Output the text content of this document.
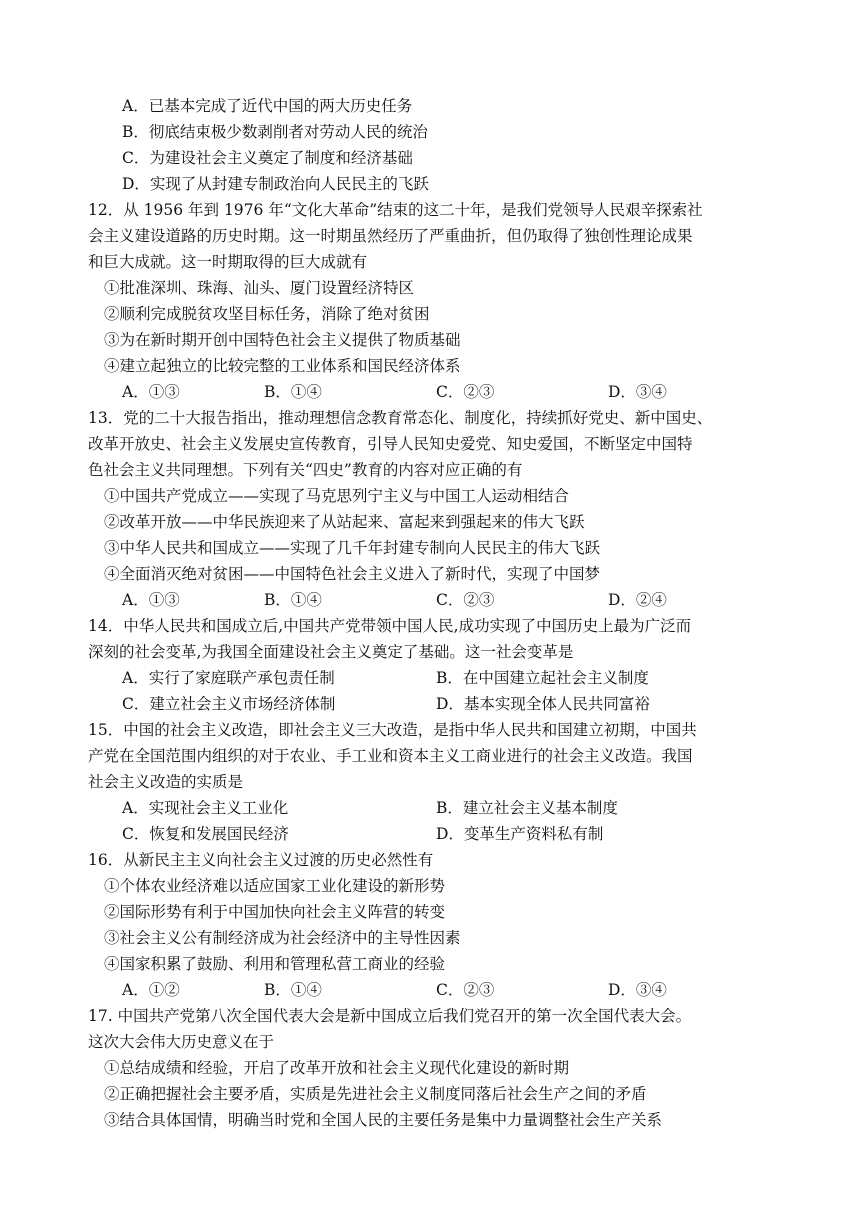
A．已基本完成了近代中国的两大历史任务
B．彻底结束极少数剥削者对劳动人民的统治
C．为建设社会主义奠定了制度和经济基础
D．实现了从封建专制政治向人民民主的飞跃
12．从 1956 年到 1976 年“文化大革命”结束的这二十年，是我们党领导人民艰辛探索社
会主义建设道路的历史时期。这一时期虽然经历了严重曲折，但仍取得了独创性理论成果
和巨大成就。这一时期取得的巨大成就有
①批准深圳、珠海、汕头、厦门设置经济特区
②顺利完成脱贫攻坚目标任务，消除了绝对贫困
③为在新时期开创中国特色社会主义提供了物质基础
④建立起独立的比较完整的工业体系和国民经济体系
A．①③	B．①④	C．②③	D．③④
13．党的二十大报告指出，推动理想信念教育常态化、制度化，持续抓好党史、新中国史、
改革开放史、社会主义发展史宣传教育，引导人民知史爱党、知史爱国，不断坚定中国特
色社会主义共同理想。下列有关“四史”教育的内容对应正确的有
①中国共产党成立——实现了马克思列宁主义与中国工人运动相结合
②改革开放——中华民族迎来了从站起来、富起来到强起来的伟大飞跃
③中华人民共和国成立——实现了几千年封建专制向人民民主的伟大飞跃
④全面消灭绝对贫困——中国特色社会主义进入了新时代，实现了中国梦
A．①③	B．①④	C．②③	D．②④
14．中华人民共和国成立后,中国共产党带领中国人民,成功实现了中国历史上最为广泛而
深刻的社会变革,为我国全面建设社会主义奠定了基础。这一社会变革是
A．实行了家庭联产承包责任制	B．在中国建立起社会主义制度
C．建立社会主义市场经济体制	D．基本实现全体人民共同富裕
15．中国的社会主义改造，即社会主义三大改造，是指中华人民共和国建立初期，中国共
产党在全国范围内组织的对于农业、手工业和资本主义工商业进行的社会主义改造。我国
社会主义改造的实质是
A．实现社会主义工业化	B．建立社会主义基本制度
C．恢复和发展国民经济	D．变革生产资料私有制
16．从新民主主义向社会主义过渡的历史必然性有
①个体农业经济难以适应国家工业化建设的新形势
②国际形势有利于中国加快向社会主义阵营的转变
③社会主义公有制经济成为社会经济中的主导性因素
④国家积累了鼓励、利用和管理私营工商业的经验
A．①②	B．①④	C．②③	D．③④
17. 中国共产党第八次全国代表大会是新中国成立后我们党召开的第一次全国代表大会。
这次大会伟大历史意义在于
①总结成绩和经验，开启了改革开放和社会主义现代化建设的新时期
②正确把握社会主要矛盾，实质是先进社会主义制度同落后社会生产之间的矛盾
③结合具体国情，明确当时党和全国人民的主要任务是集中力量调整社会生产关系
